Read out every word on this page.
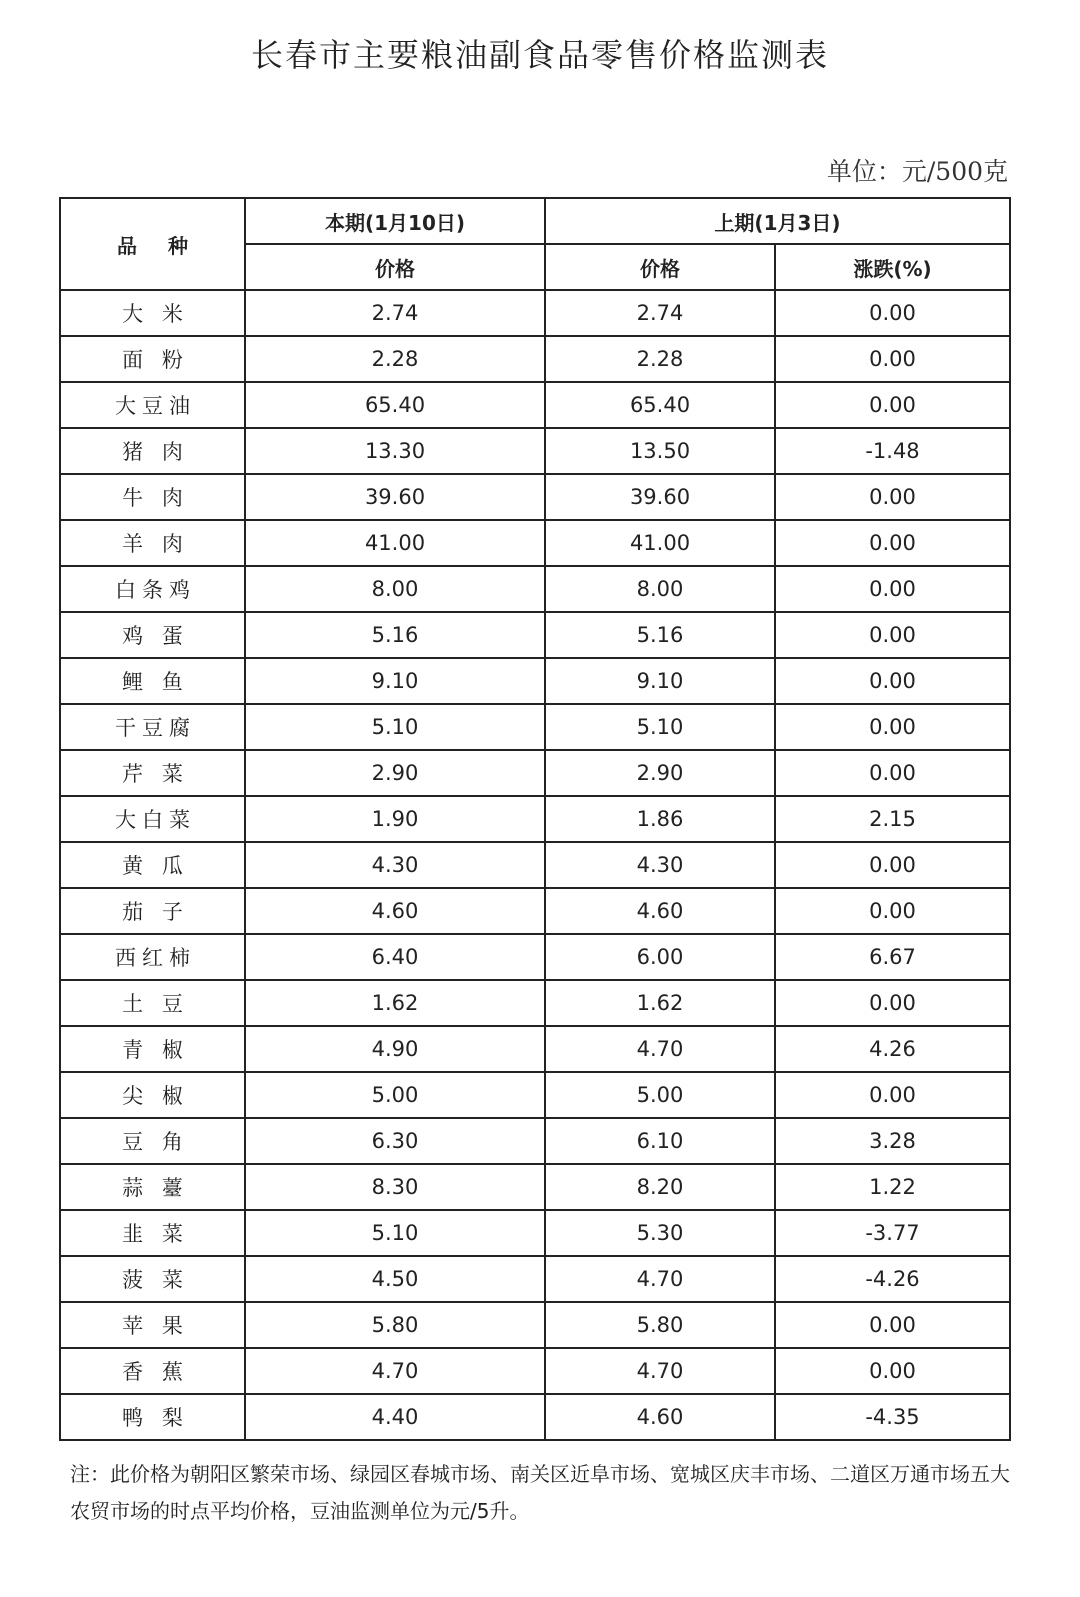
长春市主要粮油副食品零售价格监测表
单位：元/500克
品 种	本期(1月10日)	上期(1月3日)	
	价格	价格	涨跌(%)
大 米	2.74	2.74	0.00
面 粉	2.28	2.28	0.00
大豆油	65.40	65.40	0.00
猪 肉	13.30	13.50	-1.48
牛 肉	39.60	39.60	0.00
羊 肉	41.00	41.00	0.00
白条鸡	8.00	8.00	0.00
鸡 蛋	5.16	5.16	0.00
鲤 鱼	9.10	9.10	0.00
干豆腐	5.10	5.10	0.00
芹 菜	2.90	2.90	0.00
大白菜	1.90	1.86	2.15
黄 瓜	4.30	4.30	0.00
茄 子	4.60	4.60	0.00
西红柿	6.40	6.00	6.67
土 豆	1.62	1.62	0.00
青 椒	4.90	4.70	4.26
尖 椒	5.00	5.00	0.00
豆 角	6.30	6.10	3.28
蒜 薹	8.30	8.20	1.22
韭 菜	5.10	5.30	-3.77
菠 菜	4.50	4.70	-4.26
苹 果	5.80	5.80	0.00
香 蕉	4.70	4.70	0.00
鸭 梨	4.40	4.60	-4.35
注：此价格为朝阳区繁荣市场、绿园区春城市场、南关区近阜市场、宽城区庆丰市场、二道区万通市场五大农贸市场的时点平均价格，豆油监测单位为元/5升。
